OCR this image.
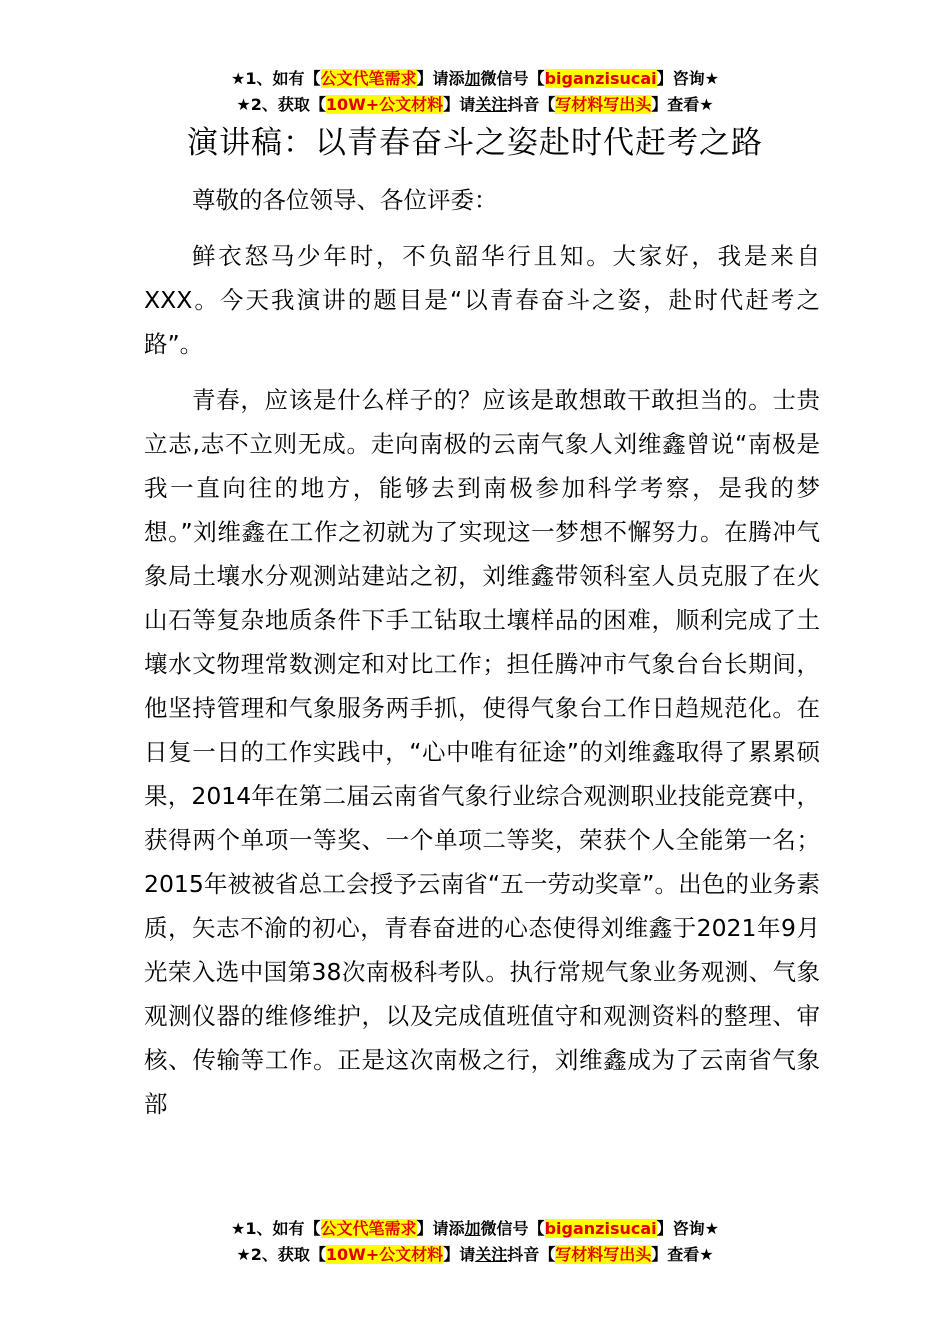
★1、如有【公文代笔需求】请添加微信号【biganzisucai】咨询★
★2、获取【10W+公文材料】请关注抖音【写材料写出头】查看★
演讲稿：以青春奋斗之姿赴时代赶考之路

尊敬的各位领导、各位评委：

鲜衣怒马少年时，不负韶华行且知。大家好，我是来自XXX。今天我演讲的题目是“以青春奋斗之姿，赴时代赶考之路”。

青春，应该是什么样子的？应该是敢想敢干敢担当的。士贵立志,志不立则无成。走向南极的云南气象人刘维鑫曾说“南极是我一直向往的地方，能够去到南极参加科学考察，是我的梦想。”刘维鑫在工作之初就为了实现这一梦想不懈努力。在腾冲气象局土壤水分观测站建站之初，刘维鑫带领科室人员克服了在火山石等复杂地质条件下手工钻取土壤样品的困难，顺利完成了土壤水文物理常数测定和对比工作；担任腾冲市气象台台长期间，他坚持管理和气象服务两手抓，使得气象台工作日趋规范化。在日复一日的工作实践中，“心中唯有征途”的刘维鑫取得了累累硕果，2014年在第二届云南省气象行业综合观测职业技能竞赛中，获得两个单项一等奖、一个单项二等奖，荣获个人全能第一名；2015年被被省总工会授予云南省“五一劳动奖章”。出色的业务素质，矢志不渝的初心，青春奋进的心态使得刘维鑫于2021年9月光荣入选中国第38次南极科考队。执行常规气象业务观测、气象观测仪器的维修维护，以及完成值班值守和观测资料的整理、审核、传输等工作。正是这次南极之行，刘维鑫成为了云南省气象部

★1、如有【公文代笔需求】请添加微信号【biganzisucai】咨询★
★2、获取【10W+公文材料】请关注抖音【写材料写出头】查看★
